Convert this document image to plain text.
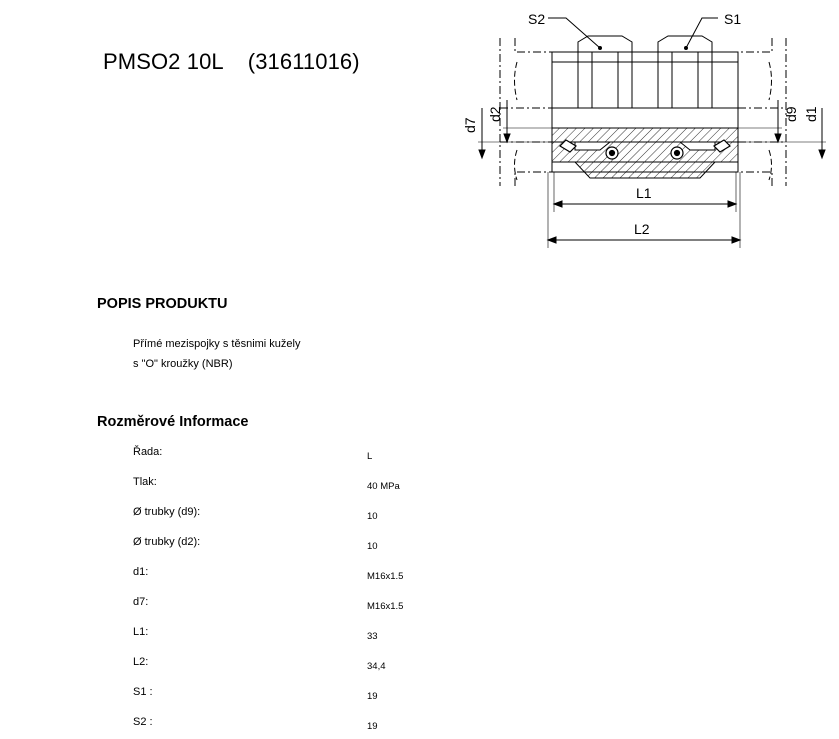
PMSO2 10L    (31611016)
S2	S1
L1
L2
d7
d2	d9 d1
POPIS PRODUKTU
Přímé mezispojky s těsnimi kužely
s "O" kroužky (NBR)
Rozměrové Informace
Řada:	L
Tlak:	40 MPa
Ø trubky (d9):	10
Ø trubky (d2):	10
d1:	M16x1.5
d7:	M16x1.5
L1:	33
L2:	34,4
S1 :	19
S2 :	19
